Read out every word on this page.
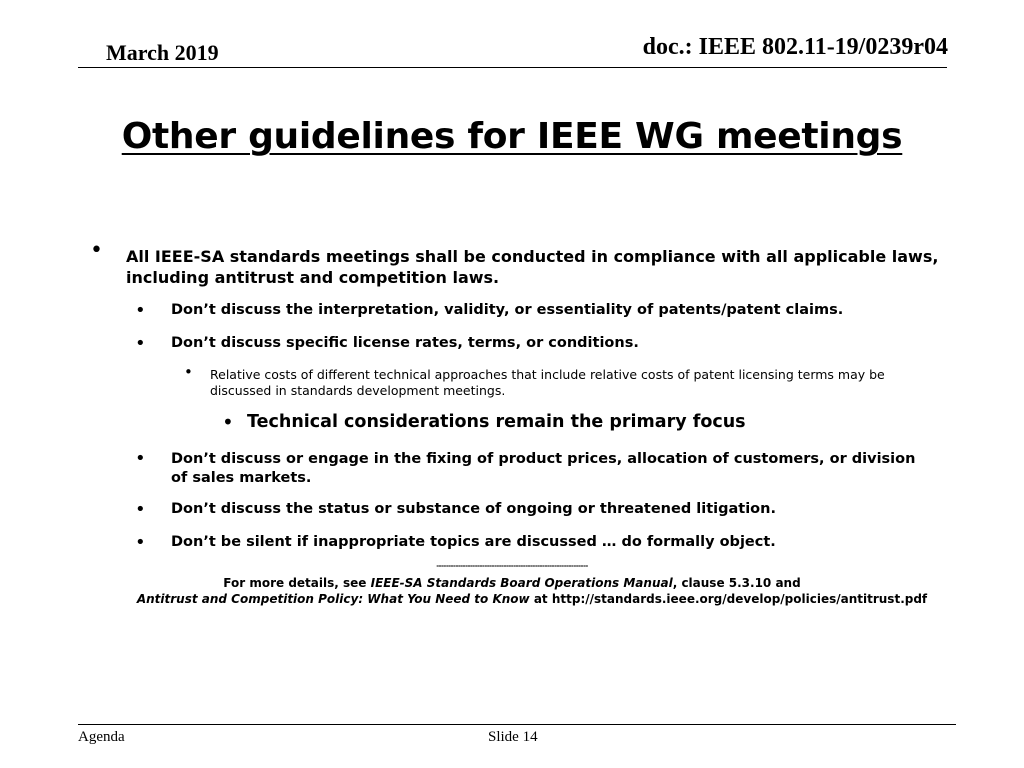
March 2019	doc.: IEEE 802.11-19/0239r04
Other guidelines for IEEE WG meetings
• All IEEE-SA standards meetings shall be conducted in compliance with all applicable laws, including antitrust and competition laws.
• Don’t discuss the interpretation, validity, or essentiality of patents/patent claims.
• Don’t discuss specific license rates, terms, or conditions.
• Relative costs of different technical approaches that include relative costs of patent licensing terms may be discussed in standards development meetings.
• Technical considerations remain the primary focus
• Don’t discuss or engage in the fixing of product prices, allocation of customers, or division of sales markets.
• Don’t discuss the status or substance of ongoing or threatened litigation.
• Don’t be silent if inappropriate topics are discussed … do formally object.
---------------------------------------------------------------
For more details, see IEEE-SA Standards Board Operations Manual, clause 5.3.10 and
Antitrust and Competition Policy: What You Need to Know at http://standards.ieee.org/develop/policies/antitrust.pdf
Agenda	Slide 14
